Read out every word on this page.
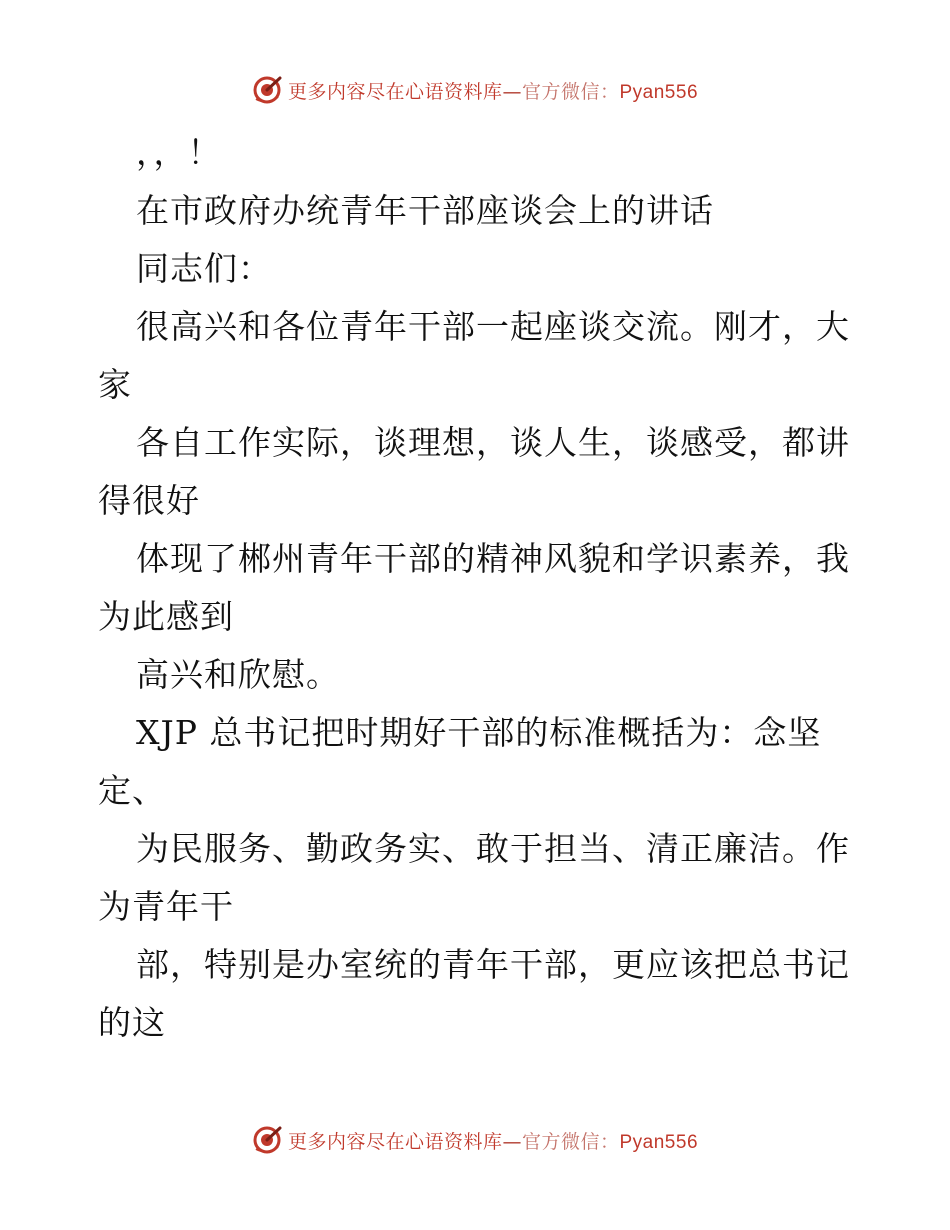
更多内容尽在心语资料库—官方微信：Pyan556
，，！
在市政府办统青年干部座谈会上的讲话
同志们：
很高兴和各位青年干部一起座谈交流。刚才，大
家
各自工作实际，谈理想，谈人生，谈感受，都讲
得很好
体现了郴州青年干部的精神风貌和学识素养，我
为此感到
高兴和欣慰。
XJP 总书记把时期好干部的标准概括为：念坚
定、
为民服务、勤政务实、敢于担当、清正廉洁。作
为青年干
部，特别是办室统的青年干部，更应该把总书记
的这
更多内容尽在心语资料库—官方微信：Pyan556
